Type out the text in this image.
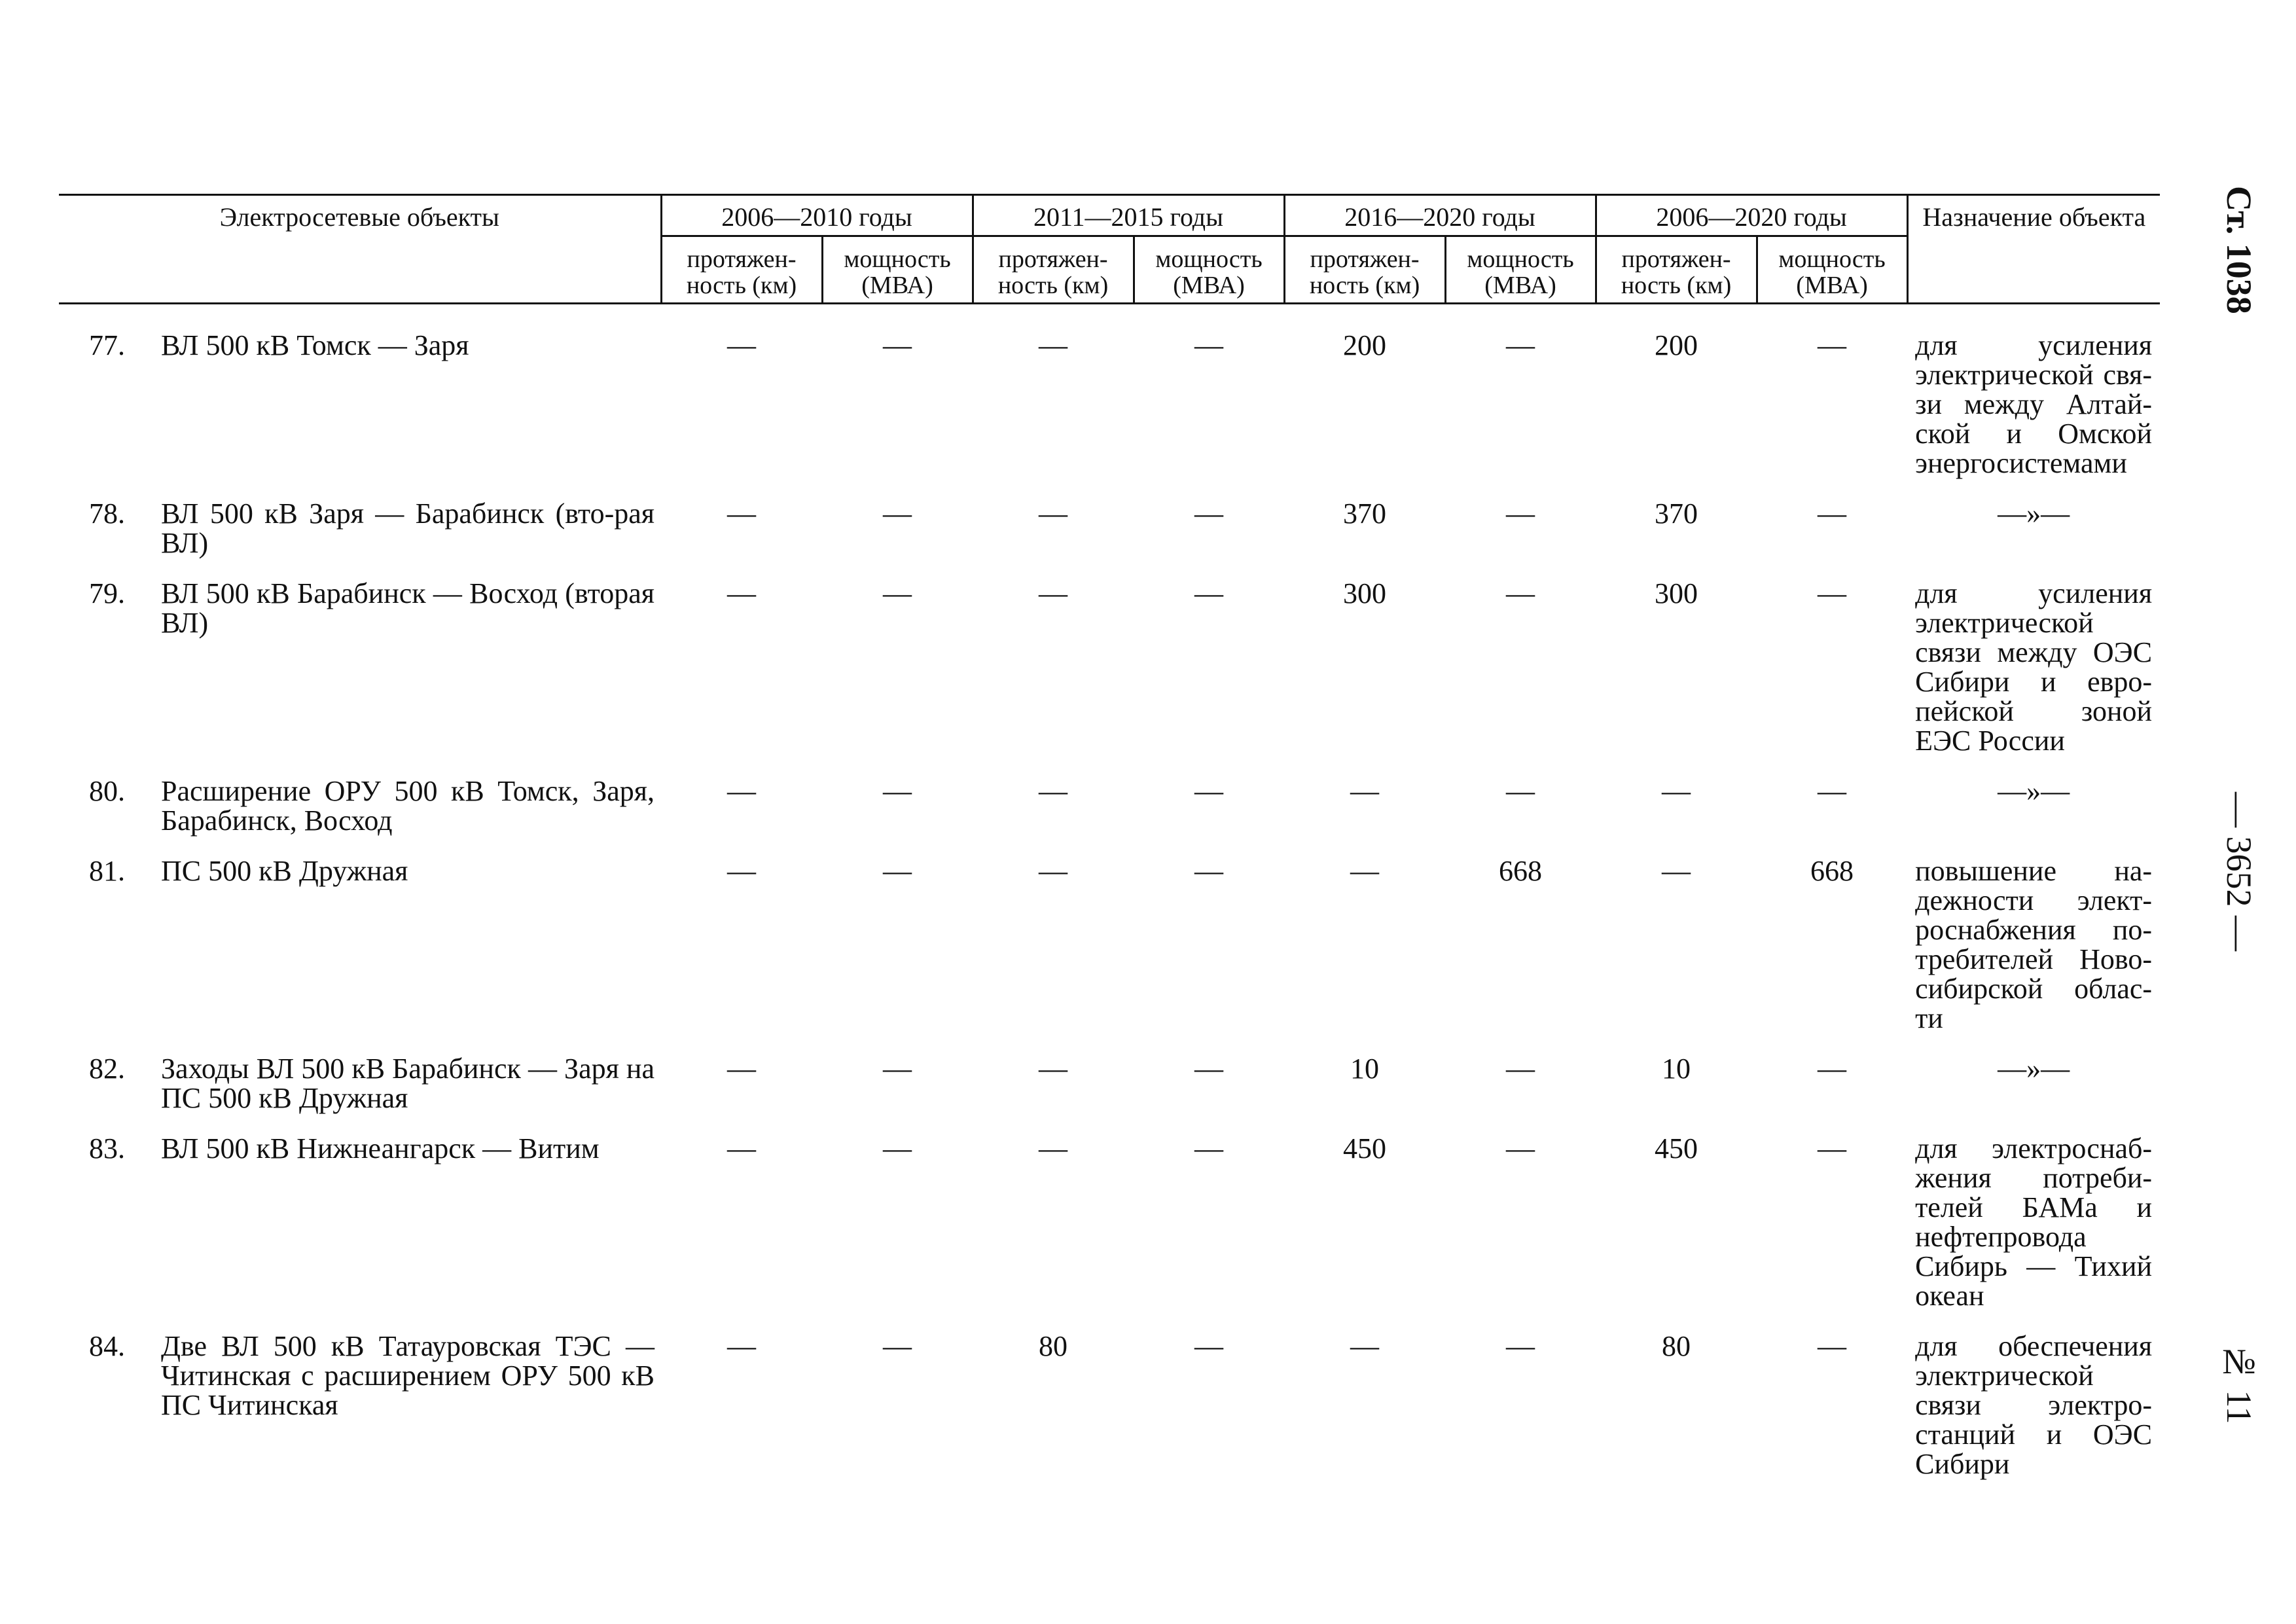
Электросетевые объекты		2006—2010 годы		2011—2015 годы		2016—2020 годы		2006—2020 годы		Назначение объекта
		протяжен-ность (км)	мощность (МВА)	протяжен-ность (км)	мощность (МВА)	протяжен-ность (км)	мощность (МВА)	протяжен-ность (км)	мощность (МВА)	
77.	ВЛ 500 кВ Томск — Заря	—	—	—	—	200	—	200	—	для усиления электрической свя-зи между Алтай-ской и Омской энергосистемами
78.	ВЛ 500 кВ Заря — Барабинск (вто-рая ВЛ)	—	—	—	—	370	—	370	—	—»—
79.	ВЛ 500 кВ Барабинск — Восход (вторая ВЛ)	—	—	—	—	300	—	300	—	для усиления электрической связи между ОЭС Сибири и евро-пейской зоной ЕЭС России
80.	Расширение ОРУ 500 кВ Томск, Заря, Барабинск, Восход	—	—	—	—	—	—	—	—	—»—
81.	ПС 500 кВ Дружная	—	—	—	—	—	668	—	668	повышение на-дежности элект-роснабжения по-требителей Ново-сибирской облас-ти
82.	Заходы ВЛ 500 кВ Барабинск — Заря на ПС 500 кВ Дружная	—	—	—	—	10	—	10	—	—»—
83.	ВЛ 500 кВ Нижнеангарск — Витим	—	—	—	—	450	—	450	—	для электроснаб-жения потреби-телей БАМа и нефтепровода Сибирь — Тихий океан
84.	Две ВЛ 500 кВ Татауровская ТЭС — Читинская с расширением ОРУ 500 кВ ПС Читинская	—	—	80	—	—	—	80	—	для обеспечения электрической связи электро-станций и ОЭС Сибири
Ст. 1038
— 3652 —
№ 11
